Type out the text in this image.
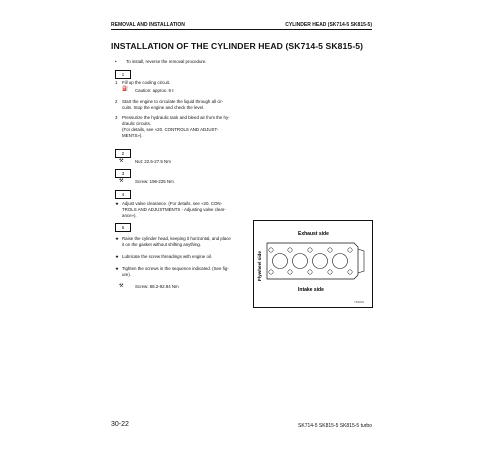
REMOVAL AND INSTALLATION	CYLINDER HEAD (SK714-5 SK815-5)
INSTALLATION OF THE CYLINDER HEAD (SK714-5 SK815-5)
• To install, reverse the removal procedure.
1
1 Fill up the cooling circuit.
⛽ Caution: approx. 9 ℓ
2 Start the engine to circulate the liquid through all cir-
cuits. Stop the engine and check the level.
3 Pressurize the hydraulic tank and bleed air from the hy-
draulic circuits.
(For details, see «20. CONTROLS AND ADJUST-
MENTS»).
2
⚒	Nut: 22.5-27.5 Nm
3
⚒	Screw: 196-225 Nm
4
★ Adjust valve clearance. (For details, see «20. CON-
TROLS AND ADJUSTMENTS - Adjusting valve clear-
ance»).
5
★ Raise the cylinder head, keeping it horizontal, and place
it on the gasket without shifting anything.
★ Lubricate the screw threadings with engine oil.
★ Tighten the screws in the sequence indicated. (See fig-
ure).
⚒	Screw: 88.2-92.94 Nm
Exhaust side
Intake side
Flywheel side
Y5A0001
30-22	SK714-5 SK815-5 SK815-5 turbo
